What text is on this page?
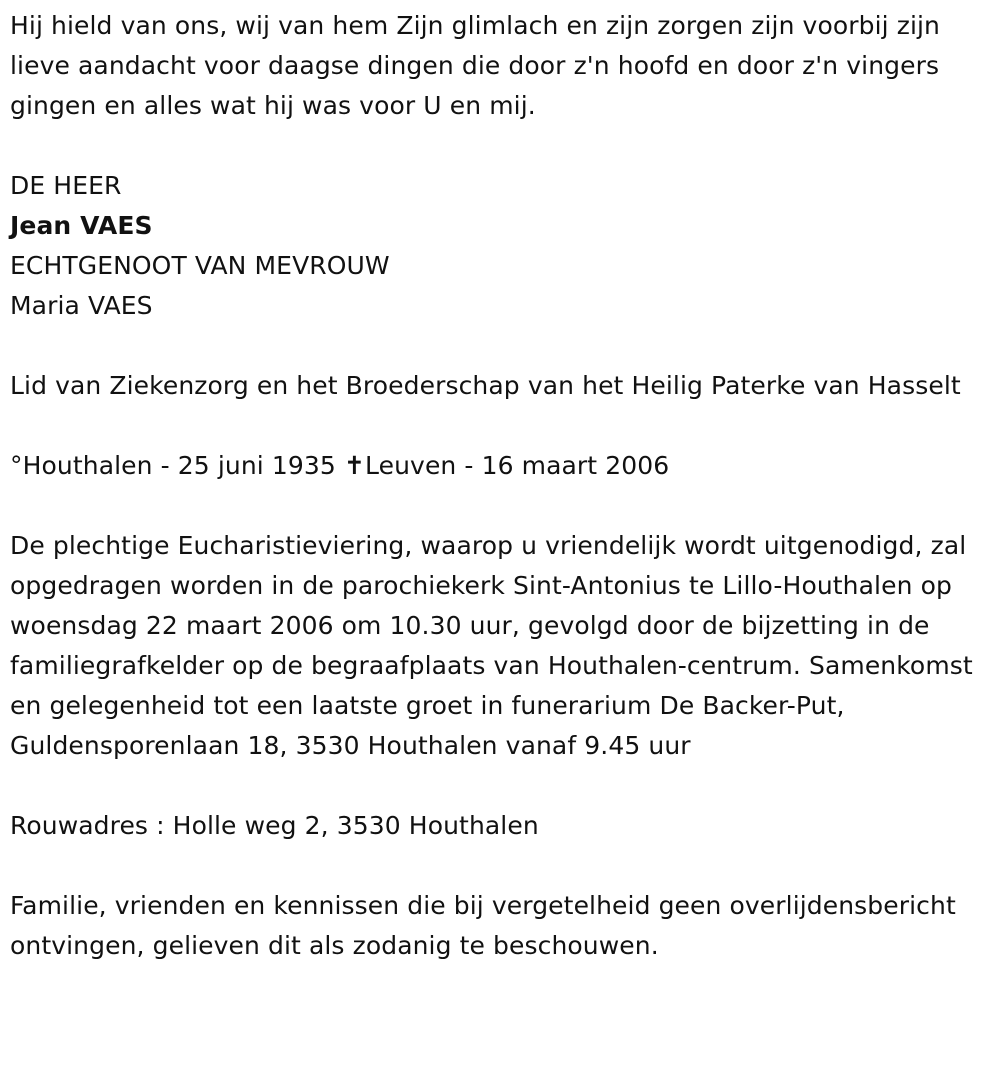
Hij hield van ons, wij van hem Zijn glimlach en zijn zorgen zijn voorbij zijn lieve aandacht voor daagse dingen die door z'n hoofd en door z'n vingers gingen en alles wat hij was voor U en mij.

DE HEER

Jean VAES

ECHTGENOOT VAN MEVROUW

Maria VAES

Lid van Ziekenzorg en het Broederschap van het Heilig Paterke van Hasselt

°Houthalen - 25 juni 1935 ✝Leuven - 16 maart 2006

De plechtige Eucharistieviering, waarop u vriendelijk wordt uitgenodigd, zal opgedragen worden in de parochiekerk Sint-Antonius te Lillo-Houthalen op woensdag 22 maart 2006 om 10.30 uur, gevolgd door de bijzetting in de familiegrafkelder op de begraafplaats van Houthalen-centrum. Samenkomst en gelegenheid tot een laatste groet in funerarium De Backer-Put, Guldensporenlaan 18, 3530 Houthalen vanaf 9.45 uur

Rouwadres : Holle weg 2, 3530 Houthalen

Familie, vrienden en kennissen die bij vergetelheid geen overlijdensbericht ontvingen, gelieven dit als zodanig te beschouwen.
